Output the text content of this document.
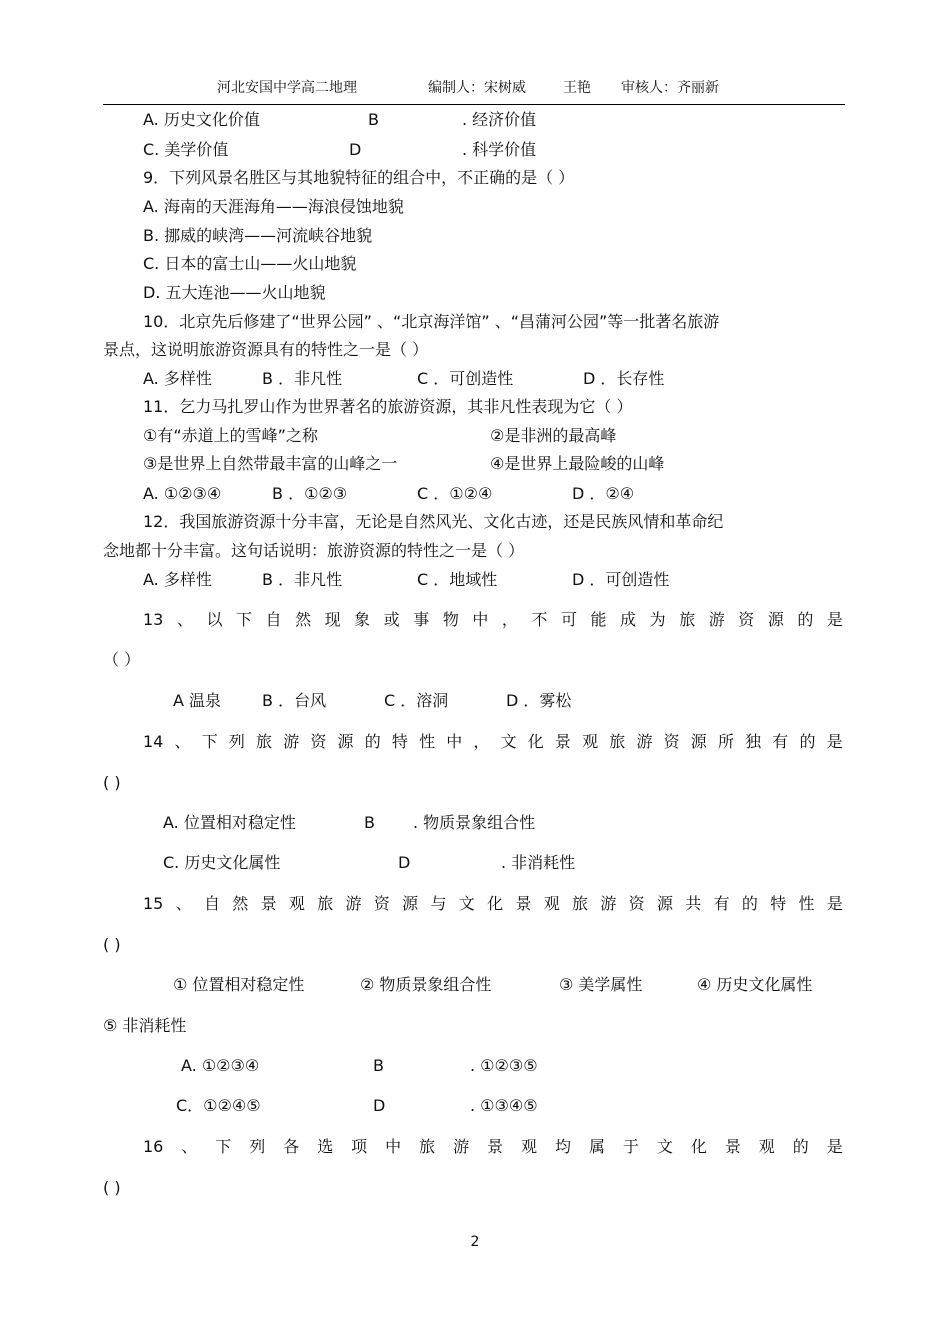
河北安国中学高二地理	编制人：宋树威	王艳 审核人：齐丽新
A. 历史文化价值	B	. 经济价值
C. 美学价值	D	. 科学价值
9．下列风景名胜区与其地貌特征的组合中，不正确的是（ ）
A. 海南的天涯海角——海浪侵蚀地貌
B. 挪威的峡湾——河流峡谷地貌
C. 日本的富士山——火山地貌
D. 五大连池——火山地貌
10．北京先后修建了“世界公园” 、“北京海洋馆” 、“昌蒲河公园”等一批著名旅游
景点，这说明旅游资源具有的特性之一是（ ）
A. 多样性	B ．非凡性	C ．可创造性	D ．长存性
11．乞力马扎罗山作为世界著名的旅游资源，其非凡性表现为它（ ）
①有“赤道上的雪峰”之称	②是非洲的最高峰
③是世界上自然带最丰富的山峰之一	④是世界上最险峻的山峰
A. ①②③④	B ．①②③	C ．①②④	D ．②④
12．我国旅游资源十分丰富，无论是自然风光、文化古迹，还是民族风情和革命纪
念地都十分丰富。这句话说明：旅游资源的特性之一是（ ）
A. 多样性	B ．非凡性	C ．地域性	D ．可创造性
13 、 以 下 自 然 现 象 或 事 物 中 ， 不 可 能 成 为 旅 游 资 源 的 是
（ ）
A 温泉	B ．台风	C ．溶洞	D ．雾松
14 、 下 列 旅 游 资 源 的 特 性 中 ， 文 化 景 观 旅 游 资 源 所 独 有 的 是
( )
A. 位置相对稳定性	B . 物质景象组合性
C. 历史文化属性	D	. 非消耗性
15 、 自 然 景 观 旅 游 资 源 与 文 化 景 观 旅 游 资 源 共 有 的 特 性 是
( )
① 位置相对稳定性	② 物质景象组合性	③ 美学属性	④ 历史文化属性
⑤ 非消耗性
A. ①②③④	B	. ①②③⑤
C．①②④⑤	D	. ①③④⑤
16 、 下 列 各 选 项 中 旅 游 景 观 均 属 于 文 化 景 观 的 是
( )
2
